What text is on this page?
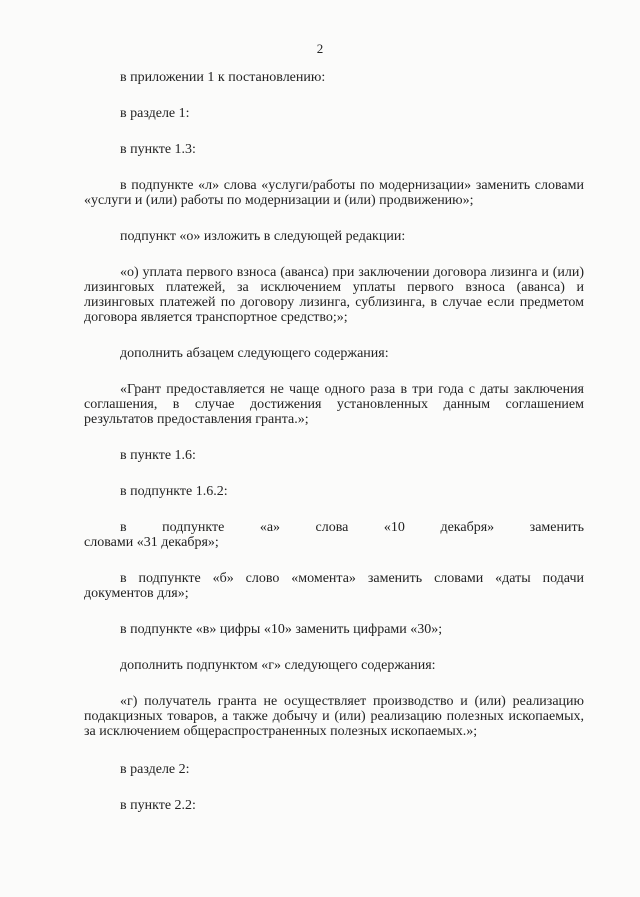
2

в приложении 1 к постановлению:

в разделе 1:

в пункте 1.3:

в подпункте «л» слова «услуги/работы по модернизации» заменить словами «услуги и (или) работы по модернизации и (или) продвижению»;

подпункт «о» изложить в следующей редакции:

«о) уплата первого взноса (аванса) при заключении договора лизинга и (или) лизинговых платежей, за исключением уплаты первого взноса (аванса) и лизинговых платежей по договору лизинга, сублизинга, в случае если предметом договора является транспортное средство;»;

дополнить абзацем следующего содержания:

«Грант предоставляется не чаще одного раза в три года с даты заключения соглашения, в случае достижения установленных данным соглашением результатов предоставления гранта.»;

в пункте 1.6:

в подпункте 1.6.2:

в подпункте «а» слова «10 декабря» заменить
словами «31 декабря»;

в подпункте «б» слово «момента» заменить словами «даты подачи документов для»;

в подпункте «в» цифры «10» заменить цифрами «30»;

дополнить подпунктом «г» следующего содержания:

«г) получатель гранта не осуществляет производство и (или) реализацию подакцизных товаров, а также добычу и (или) реализацию полезных ископаемых, за исключением общераспространенных полезных ископаемых.»;

в разделе 2:

в пункте 2.2:
